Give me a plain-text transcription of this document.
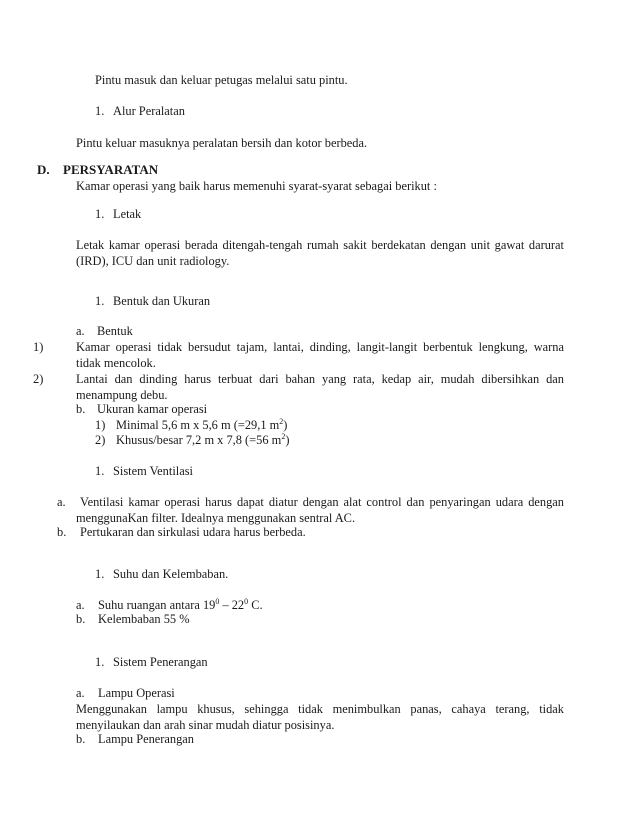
Pintu masuk dan keluar petugas melalui satu pintu.
1. Alur Peralatan
Pintu keluar masuknya peralatan bersih dan kotor berbeda.
D. PERSYARATAN
Kamar operasi yang baik harus memenuhi syarat-syarat sebagai berikut :
1. Letak
Letak kamar operasi berada ditengah-tengah rumah sakit berdekatan dengan unit gawat darurat
(IRD), ICU dan unit radiology.
1. Bentuk dan Ukuran
a. Bentuk
1)	Kamar operasi tidak bersudut tajam, lantai, dinding, langit-langit berbentuk lengkung, warna
tidak mencolok.
2)	Lantai dan dinding harus terbuat dari bahan yang rata, kedap air, mudah dibersihkan dan
menampung debu.
b. Ukuran kamar operasi
1) Minimal 5,6 m x 5,6 m (=29,1 $m^2$)
2) Khusus/besar 7,2 m x 7,8 (=56 $m^2$)
1. Sistem Ventilasi
a. Ventilasi kamar operasi harus dapat diatur dengan alat control dan penyaringan udara dengan
menggunaKan filter. Idealnya menggunakan sentral AC.
b. Pertukaran dan sirkulasi udara harus berbeda.
1. Suhu dan Kelembaban.
a. Suhu ruangan antara $19^0 - 22^0$ C.
b. Kelembaban 55 %
1. Sistem Penerangan
a. Lampu Operasi
Menggunakan lampu khusus, sehingga tidak menimbulkan panas, cahaya terang, tidak
menyilaukan dan arah sinar mudah diatur posisinya.
b. Lampu Penerangan
